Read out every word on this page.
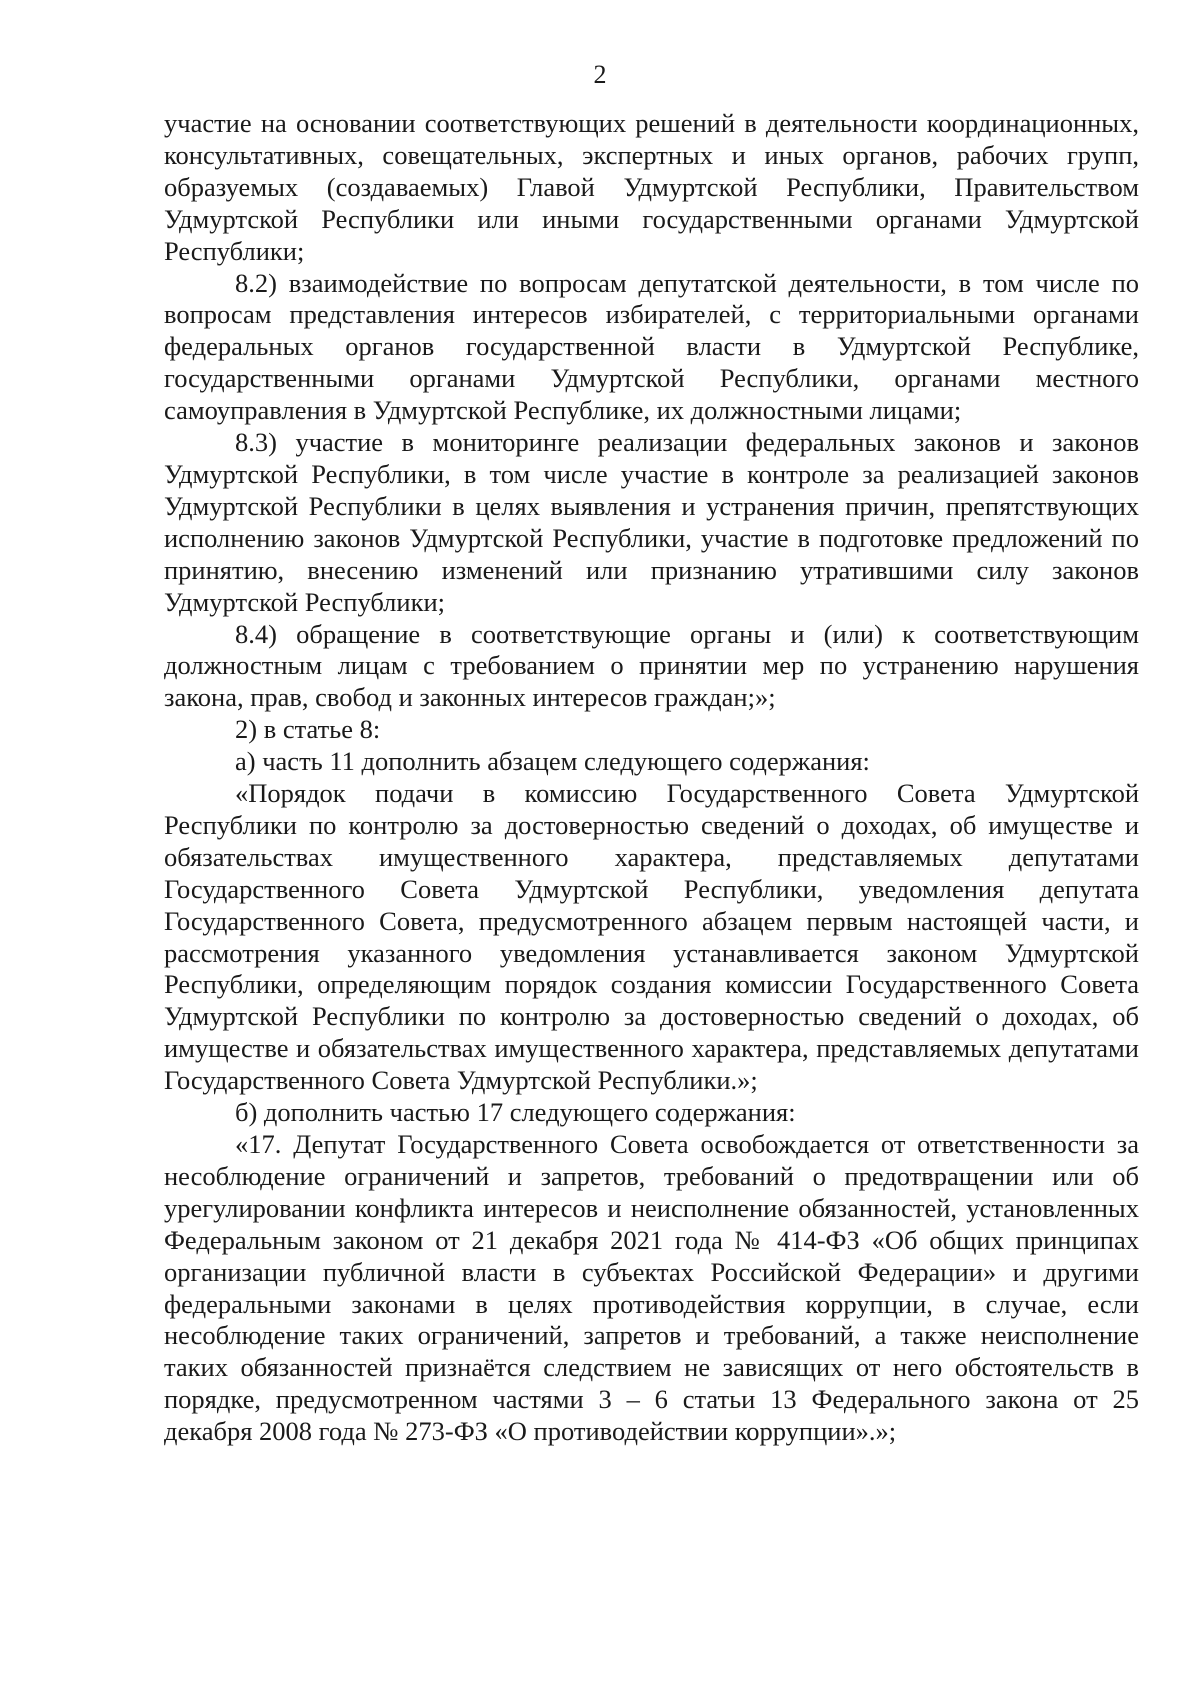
2

участие на основании соответствующих решений в деятельности координационных, консультативных, совещательных, экспертных и иных органов, рабочих групп, образуемых (создаваемых) Главой Удмуртской Республики, Правительством Удмуртской Республики или иными государственными органами Удмуртской Республики;

8.2) взаимодействие по вопросам депутатской деятельности, в том числе по вопросам представления интересов избирателей, с территориальными органами федеральных органов государственной власти в Удмуртской Республике, государственными органами Удмуртской Республики, органами местного самоуправления в Удмуртской Республике, их должностными лицами;

8.3) участие в мониторинге реализации федеральных законов и законов Удмуртской Республики, в том числе участие в контроле за реализацией законов Удмуртской Республики в целях выявления и устранения причин, препятствующих исполнению законов Удмуртской Республики, участие в подготовке предложений по принятию, внесению изменений или признанию утратившими силу законов Удмуртской Республики;

8.4) обращение в соответствующие органы и (или) к соответствующим должностным лицам с требованием о принятии мер по устранению нарушения закона, прав, свобод и законных интересов граждан;»;

2) в статье 8:

а) часть 11 дополнить абзацем следующего содержания:

«Порядок подачи в комиссию Государственного Совета Удмуртской Республики по контролю за достоверностью сведений о доходах, об имуществе и обязательствах имущественного характера, представляемых депутатами Государственного Совета Удмуртской Республики, уведомления депутата Государственного Совета, предусмотренного абзацем первым настоящей части, и рассмотрения указанного уведомления устанавливается законом Удмуртской Республики, определяющим порядок создания комиссии Государственного Совета Удмуртской Республики по контролю за достоверностью сведений о доходах, об имуществе и обязательствах имущественного характера, представляемых депутатами Государственного Совета Удмуртской Республики.»;

б) дополнить частью 17 следующего содержания:

«17. Депутат Государственного Совета освобождается от ответственности за несоблюдение ограничений и запретов, требований о предотвращении или об урегулировании конфликта интересов и неисполнение обязанностей, установленных Федеральным законом от 21 декабря 2021 года № 414-ФЗ «Об общих принципах организации публичной власти в субъектах Российской Федерации» и другими федеральными законами в целях противодействия коррупции, в случае, если несоблюдение таких ограничений, запретов и требований, а также неисполнение таких обязанностей признаётся следствием не зависящих от него обстоятельств в порядке, предусмотренном частями 3 – 6 статьи 13 Федерального закона от 25 декабря 2008 года № 273-ФЗ «О противодействии коррупции».»;
